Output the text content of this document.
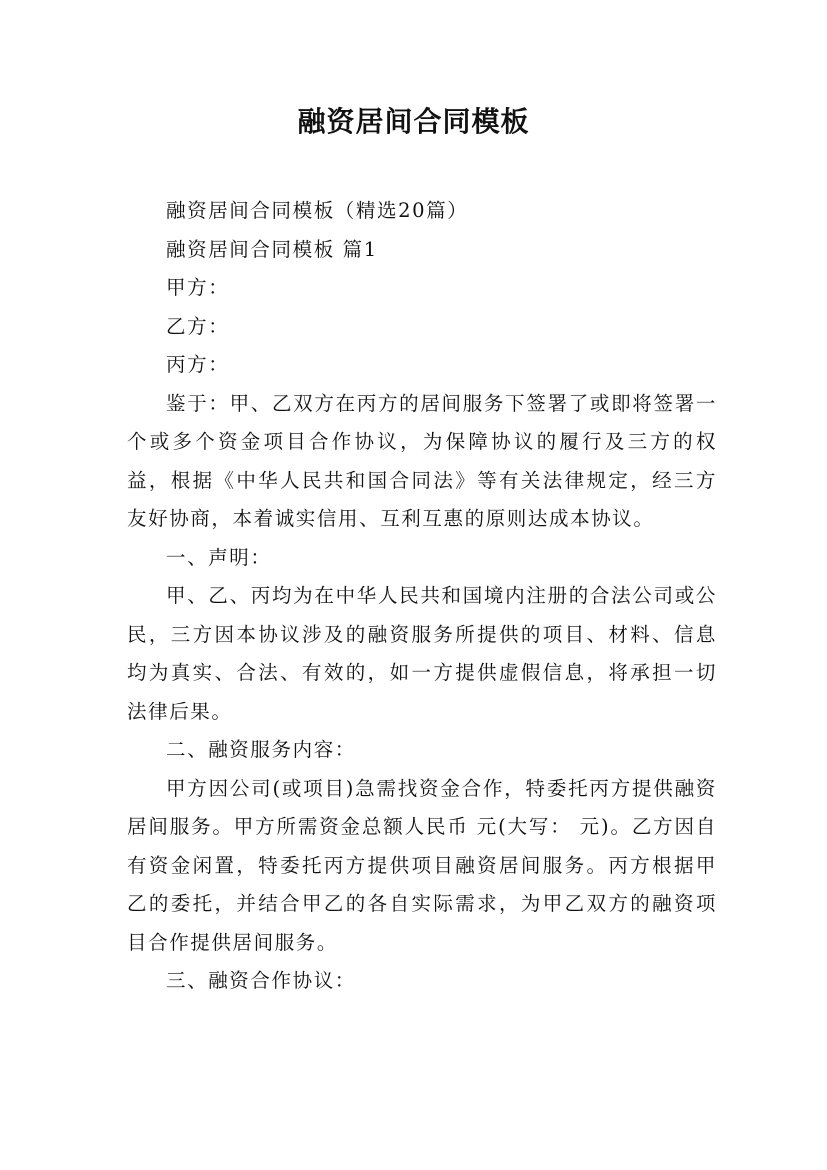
融资居间合同模板

融资居间合同模板（精选20篇）

融资居间合同模板 篇1

甲方：

乙方：

丙方：

鉴于：甲、乙双方在丙方的居间服务下签署了或即将签署一个或多个资金项目合作协议，为保障协议的履行及三方的权益，根据《中华人民共和国合同法》等有关法律规定，经三方友好协商，本着诚实信用、互利互惠的原则达成本协议。

一、声明：

甲、乙、丙均为在中华人民共和国境内注册的合法公司或公民，三方因本协议涉及的融资服务所提供的项目、材料、信息均为真实、合法、有效的，如一方提供虚假信息，将承担一切法律后果。

二、融资服务内容：

甲方因公司(或项目)急需找资金合作，特委托丙方提供融资居间服务。甲方所需资金总额人民币 元(大写： 元)。乙方因自有资金闲置，特委托丙方提供项目融资居间服务。丙方根据甲乙的委托，并结合甲乙的各自实际需求，为甲乙双方的融资项目合作提供居间服务。

三、融资合作协议：
